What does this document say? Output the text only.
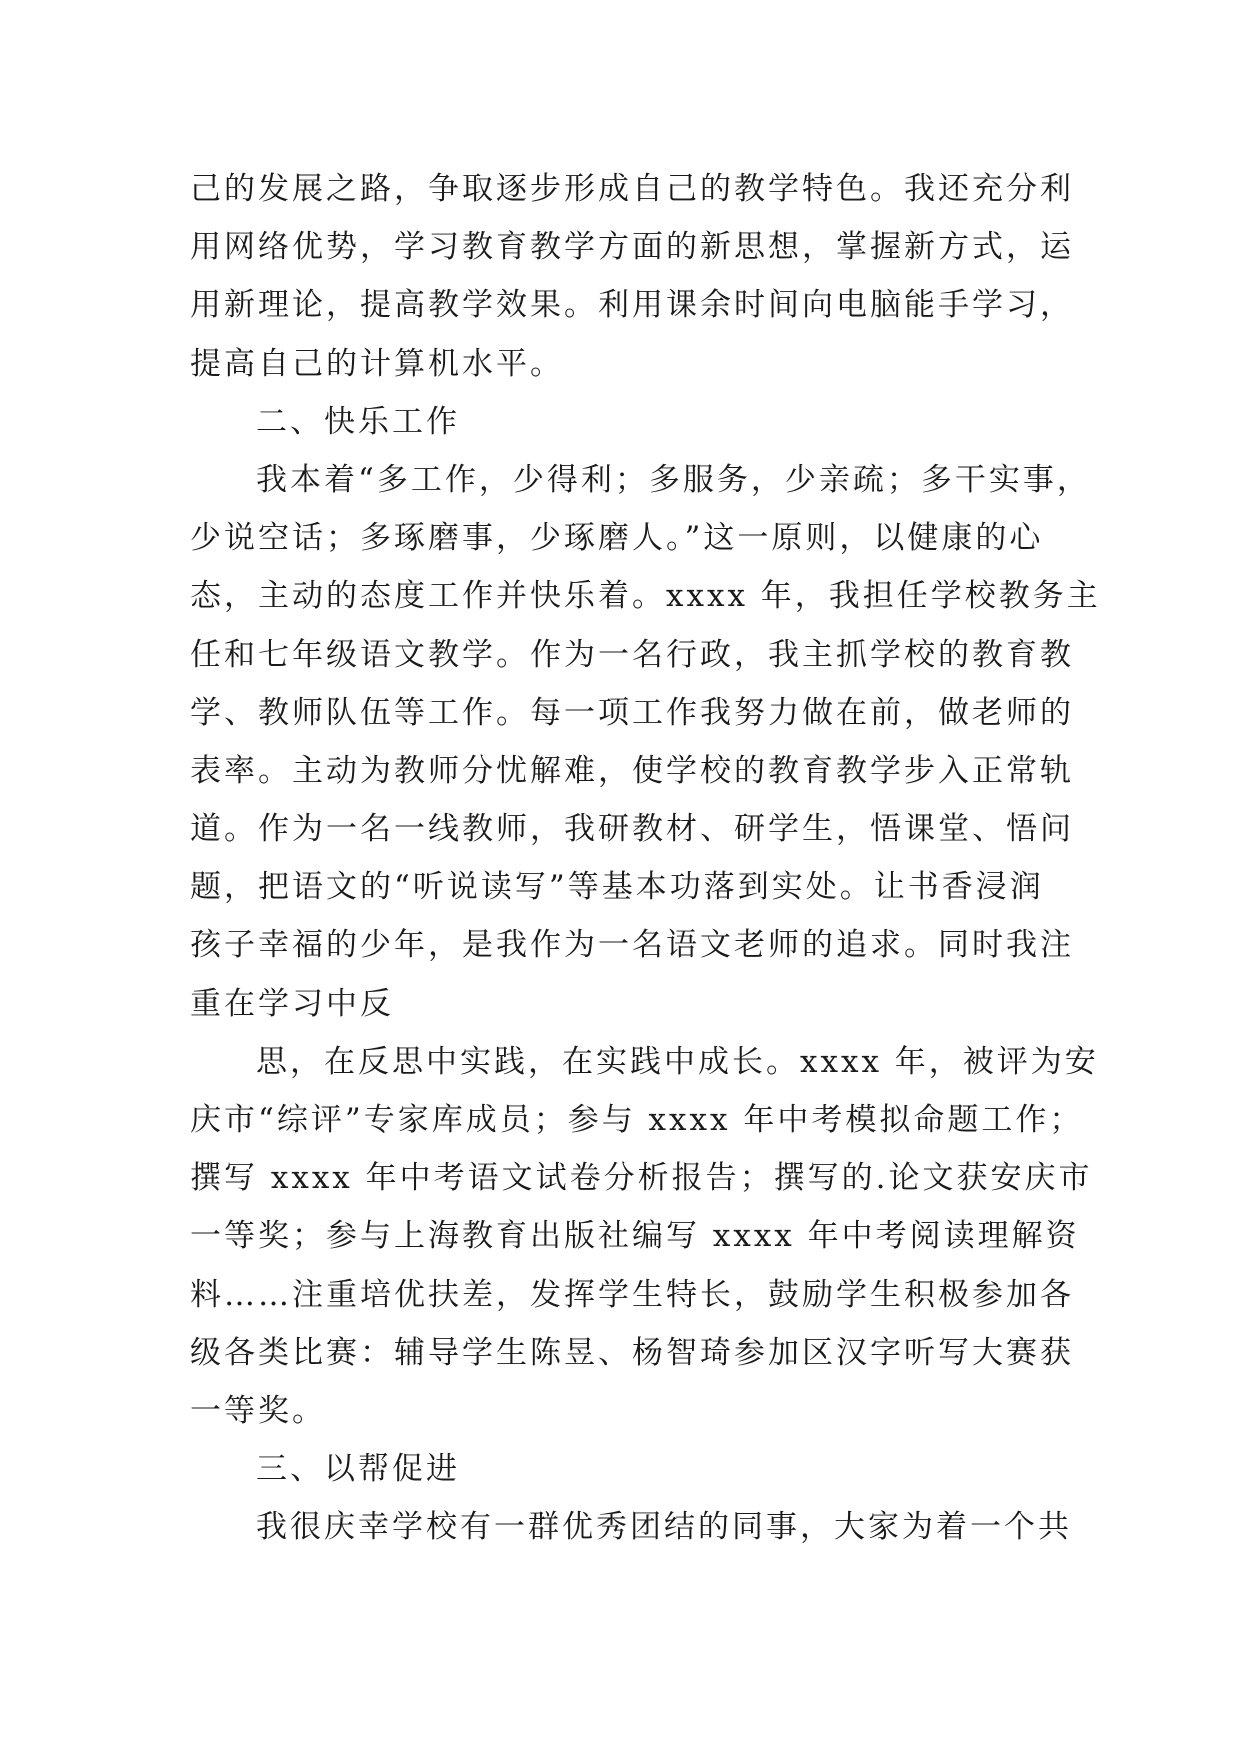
己的发展之路，争取逐步形成自己的教学特色。我还充分利
用网络优势，学习教育教学方面的新思想，掌握新方式，运
用新理论，提高教学效果。利用课余时间向电脑能手学习，
提高自己的计算机水平。
二、快乐工作
我本着“多工作，少得利；多服务，少亲疏；多干实事，
少说空话；多琢磨事，少琢磨人。”这一原则，以健康的心
态，主动的态度工作并快乐着。xxxx 年，我担任学校教务主
任和七年级语文教学。作为一名行政，我主抓学校的教育教
学、教师队伍等工作。每一项工作我努力做在前，做老师的
表率。主动为教师分忧解难，使学校的教育教学步入正常轨
道。作为一名一线教师，我研教材、研学生，悟课堂、悟问
题，把语文的“听说读写”等基本功落到实处。让书香浸润
孩子幸福的少年，是我作为一名语文老师的追求。同时我注
重在学习中反
思，在反思中实践，在实践中成长。xxxx 年，被评为安
庆市“综评”专家库成员；参与 xxxx 年中考模拟命题工作；
撰写 xxxx 年中考语文试卷分析报告；撰写的.论文获安庆市
一等奖；参与上海教育出版社编写 xxxx 年中考阅读理解资
料……注重培优扶差，发挥学生特长，鼓励学生积极参加各
级各类比赛：辅导学生陈昱、杨智琦参加区汉字听写大赛获
一等奖。
三、以帮促进
我很庆幸学校有一群优秀团结的同事，大家为着一个共
